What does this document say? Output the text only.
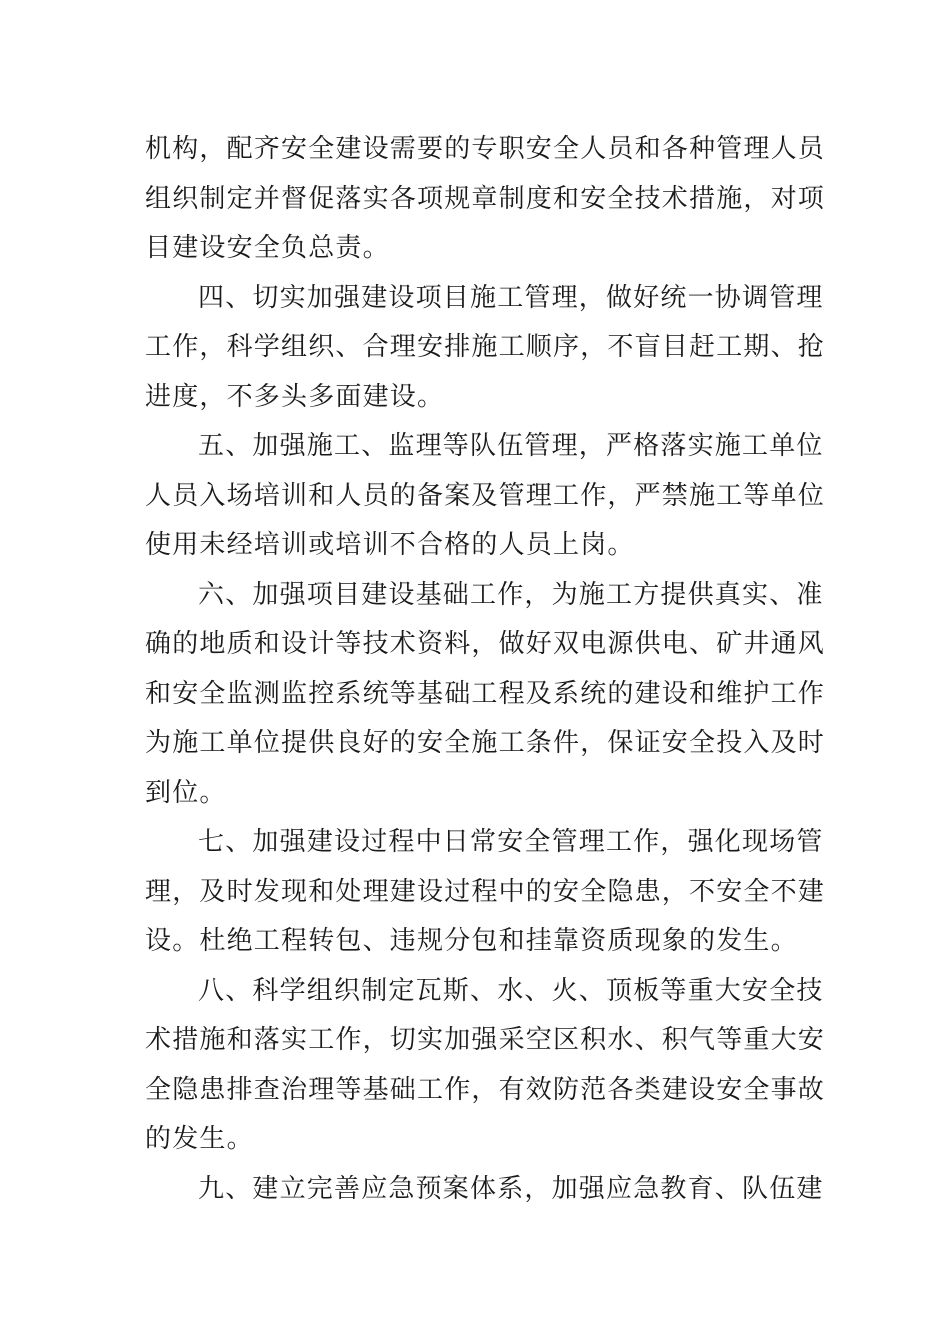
机构，配齐安全建设需要的专职安全人员和各种管理人员
组织制定并督促落实各项规章制度和安全技术措施，对项
目建设安全负总责。

四、切实加强建设项目施工管理，做好统一协调管理
工作，科学组织、合理安排施工顺序，不盲目赶工期、抢
进度，不多头多面建设。

五、加强施工、监理等队伍管理，严格落实施工单位
人员入场培训和人员的备案及管理工作，严禁施工等单位
使用未经培训或培训不合格的人员上岗。

六、加强项目建设基础工作，为施工方提供真实、准
确的地质和设计等技术资料，做好双电源供电、矿井通风
和安全监测监控系统等基础工程及系统的建设和维护工作
为施工单位提供良好的安全施工条件，保证安全投入及时
到位。

七、加强建设过程中日常安全管理工作，强化现场管
理，及时发现和处理建设过程中的安全隐患，不安全不建
设。杜绝工程转包、违规分包和挂靠资质现象的发生。

八、科学组织制定瓦斯、水、火、顶板等重大安全技
术措施和落实工作，切实加强采空区积水、积气等重大安
全隐患排查治理等基础工作，有效防范各类建设安全事故
的发生。

九、建立完善应急预案体系，加强应急教育、队伍建
